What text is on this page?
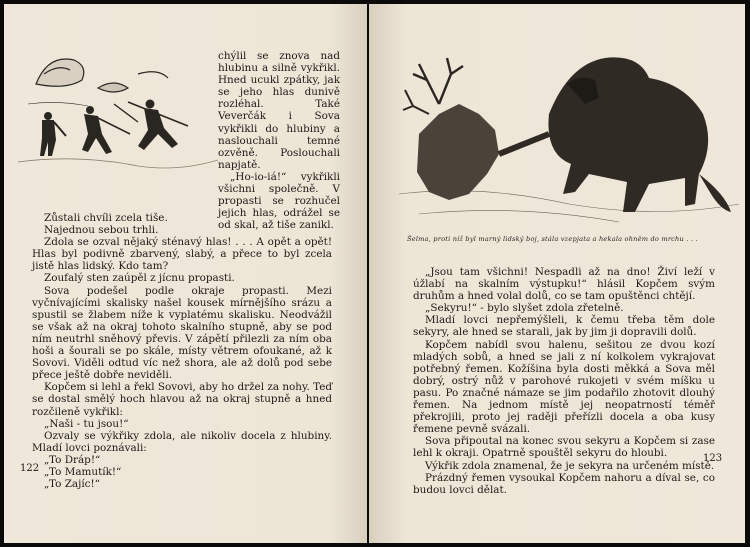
chýlil se znova nad hlubinu a silně vykřikl. Hned ucukl zpátky, jak se jeho hlas dunivě rozléhal. Také Veverčák i Sova vykřikli do hlubiny a naslouchali temné ozvěně. Poslouchali napjatě.

„Ho-io-iá!“ vykřikli všichni společně. V propasti se rozhučel jejich hlas, odrážel se od skal, až tiše zanikl.

Zůstali chvíli zcela tiše.

Najednou sebou trhli.

Zdola se ozval nějaký sténavý hlas! . . . A opět a opět! Hlas byl podivně zbarvený, slabý, a přece to byl zcela jistě hlas lidský. Kdo tam?

Zoufalý sten zaúpěl z jícnu propasti.

Sova podešel podle okraje propasti. Mezi vyčnívajícími skalisky našel kousek mírnějšího srázu a spustil se žlabem níže k vyplatému skalisku. Neodvážil se však až na okraj tohoto skalního stupně, aby se pod ním neutrhl sněhový převis. V zápětí přilezli za ním oba hoši a šourali se po skále, místy větrem ofoukané, až k Sovovi. Viděli odtud víc než shora, ale až dolů pod sebe přece ještě dobře neviděli.

Kopčem si lehl a řekl Sovovi, aby ho držel za nohy. Teď se dostal smělý hoch hlavou až na okraj stupně a hned rozčileně vykřikl:

„Naši - tu jsou!“

Ozvaly se výkřiky zdola, ale nikoliv docela z hlubiny. Mladí lovci poznávali:

„To Dráp!“

„To Mamutík!“

„To Zajíc!“

122
Šelma, proti níž byl marný lidský boj, stála vzepjata a hekala ohněm do mrchu . . .

„Jsou tam všichni! Nespadli až na dno! Živí leží v úžlabí na skalním výstupku!“ hlásil Kopčem svým druhům a hned volal dolů, co se tam opuštěnci chtějí.

„Sekyru!“ - bylo slyšet zdola zřetelně.

Mladí lovci nepřemýšleli, k čemu třeba těm dole sekyry, ale hned se starali, jak by jim ji dopravili dolů.

Kopčem nabídl svou halenu, sešitou ze dvou kozí mladých sobů, a hned se jali z ní kolkolem vykrajovat potřebný řemen. Kožíšina byla dosti měkká a Sova měl dobrý, ostrý nůž v parohové rukojeti v svém míšku u pasu. Po značné námaze se jim podařilo zhotovit dlouhý řemen. Na jednom místě jej neopatrností téměř překrojili, proto jej raději přeřízli docela a oba kusy řemene pevně svázali.

Sova připoutal na konec svou sekyru a Kopčem si zase lehl k okraji. Opatrně spouštěl sekyru do hloubi.

Výkřik zdola znamenal, že je sekyra na určeném místě.

Prázdný řemen vysoukal Kopčem nahoru a díval se, co budou lovci dělat.

123
